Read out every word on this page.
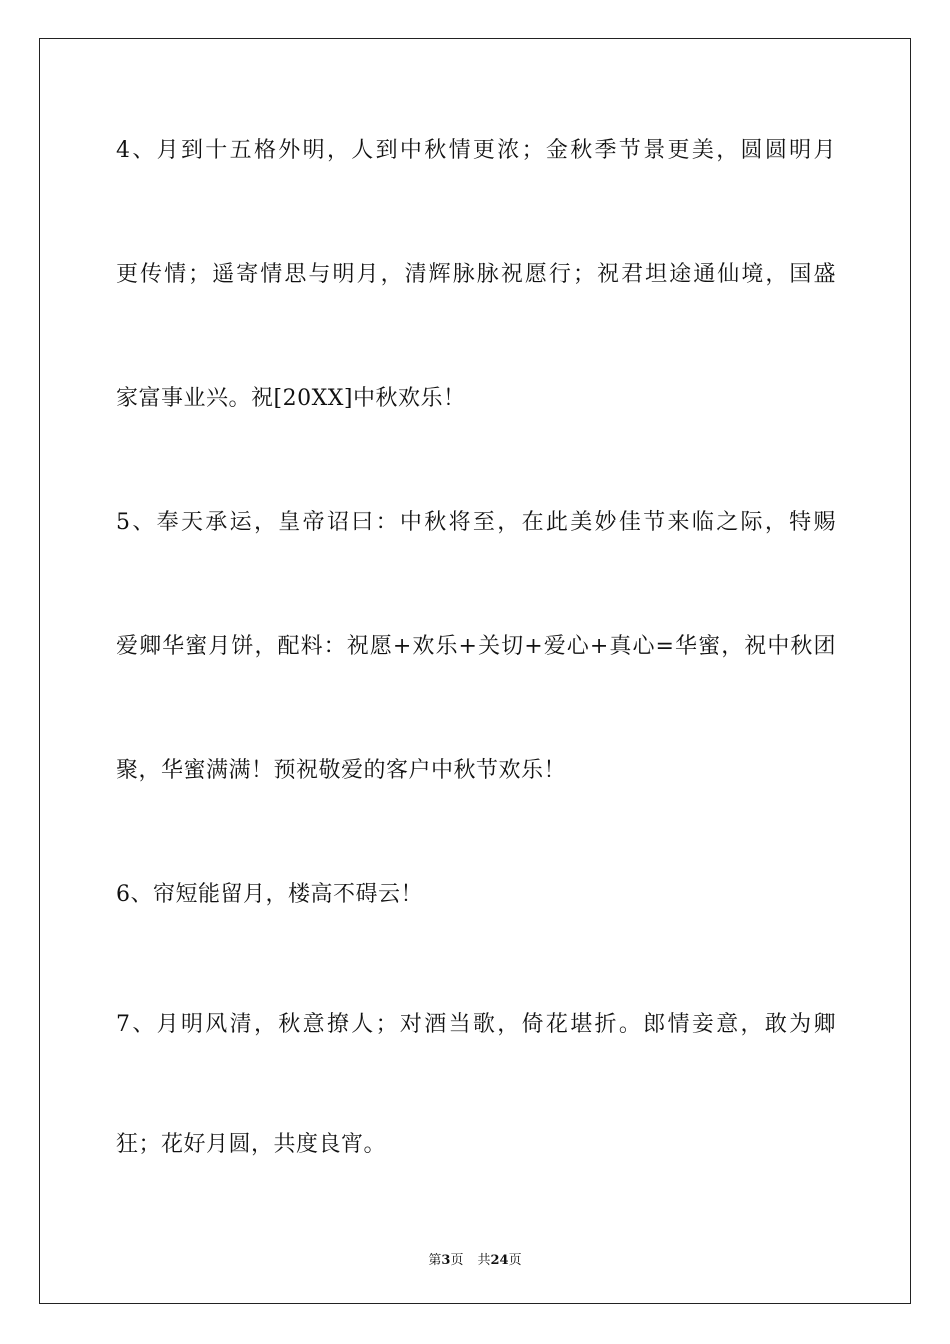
4、月到十五格外明，人到中秋情更浓；金秋季节景更美，圆圆明月
更传情；遥寄情思与明月，清辉脉脉祝愿行；祝君坦途通仙境，国盛
家富事业兴。祝[20XX]中秋欢乐！
5、奉天承运，皇帝诏曰：中秋将至，在此美妙佳节来临之际，特赐
爱卿华蜜月饼，配料：祝愿+欢乐+关切+爱心+真心=华蜜，祝中秋团
聚，华蜜满满！预祝敬爱的客户中秋节欢乐！
6、帘短能留月，楼高不碍云！
7、月明风清，秋意撩人；对酒当歌，倚花堪折。郎情妾意，敢为卿
狂；花好月圆，共度良宵。
第3页 共24页
